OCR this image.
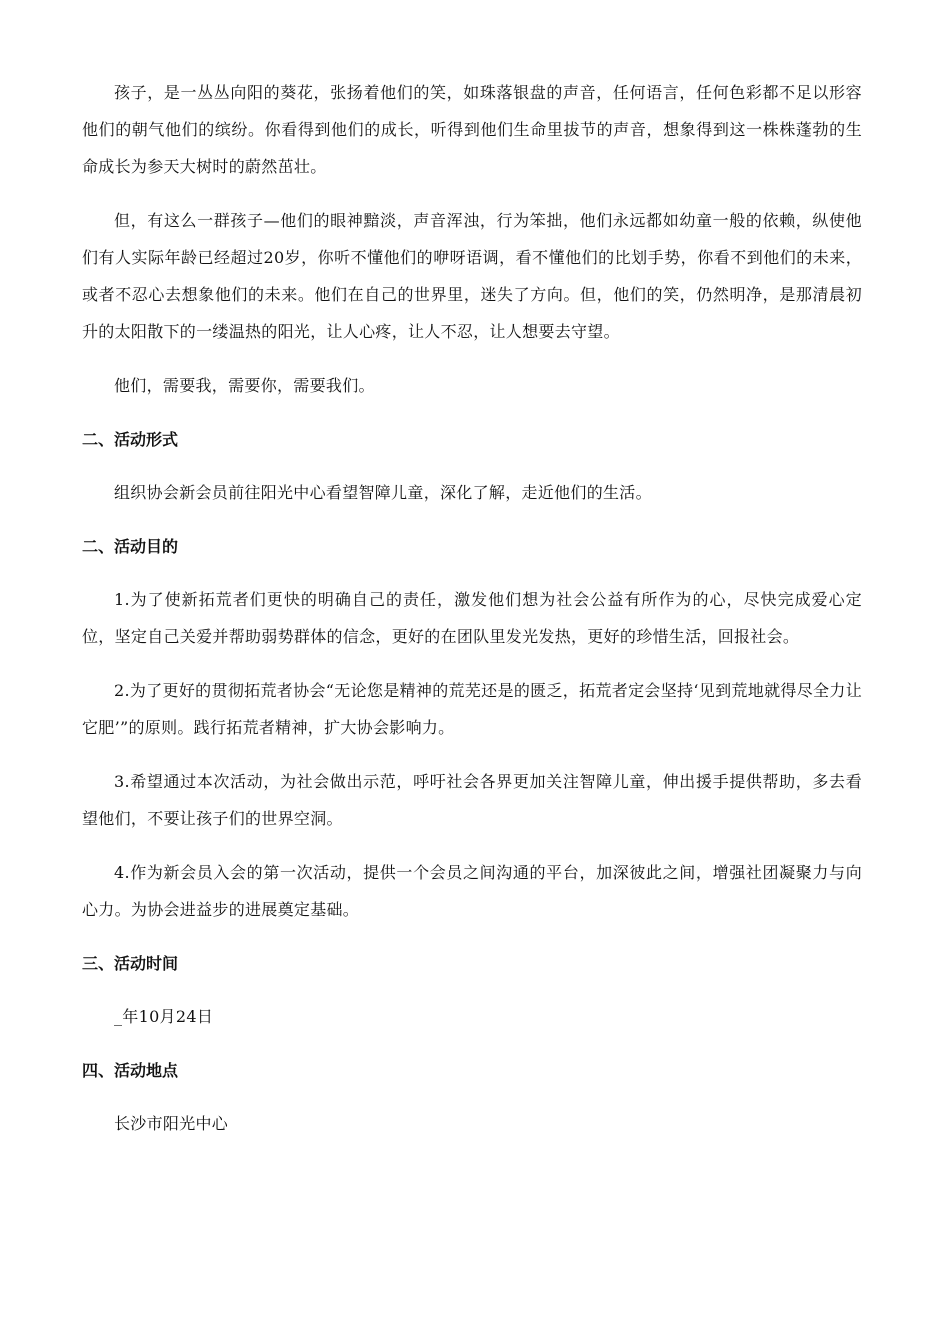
孩子，是一丛丛向阳的葵花，张扬着他们的笑，如珠落银盘的声音，任何语言，任何色彩都不足以形容他们的朝气他们的缤纷。你看得到他们的成长，听得到他们生命里拔节的声音，想象得到这一株株蓬勃的生命成长为参天大树时的蔚然茁壮。

但，有这么一群孩子—他们的眼神黯淡，声音浑浊，行为笨拙，他们永远都如幼童一般的依赖，纵使他们有人实际年龄已经超过20岁，你听不懂他们的咿呀语调，看不懂他们的比划手势，你看不到他们的未来，或者不忍心去想象他们的未来。他们在自己的世界里，迷失了方向。但，他们的笑，仍然明净，是那清晨初升的太阳散下的一缕温热的阳光，让人心疼，让人不忍，让人想要去守望。

他们，需要我，需要你，需要我们。

二、活动形式

组织协会新会员前往阳光中心看望智障儿童，深化了解，走近他们的生活。

二、活动目的

1.为了使新拓荒者们更快的明确自己的责任，激发他们想为社会公益有所作为的心，尽快完成爱心定位，坚定自己关爱并帮助弱势群体的信念，更好的在团队里发光发热，更好的珍惜生活，回报社会。

2.为了更好的贯彻拓荒者协会“无论您是精神的荒芜还是的匮乏，拓荒者定会坚持‘见到荒地就得尽全力让它肥’”的原则。践行拓荒者精神，扩大协会影响力。

3.希望通过本次活动，为社会做出示范，呼吁社会各界更加关注智障儿童，伸出援手提供帮助，多去看望他们，不要让孩子们的世界空洞。

4.作为新会员入会的第一次活动，提供一个会员之间沟通的平台，加深彼此之间，增强社团凝聚力与向心力。为协会进益步的进展奠定基础。

三、活动时间

_年10月24日

四、活动地点

长沙市阳光中心
